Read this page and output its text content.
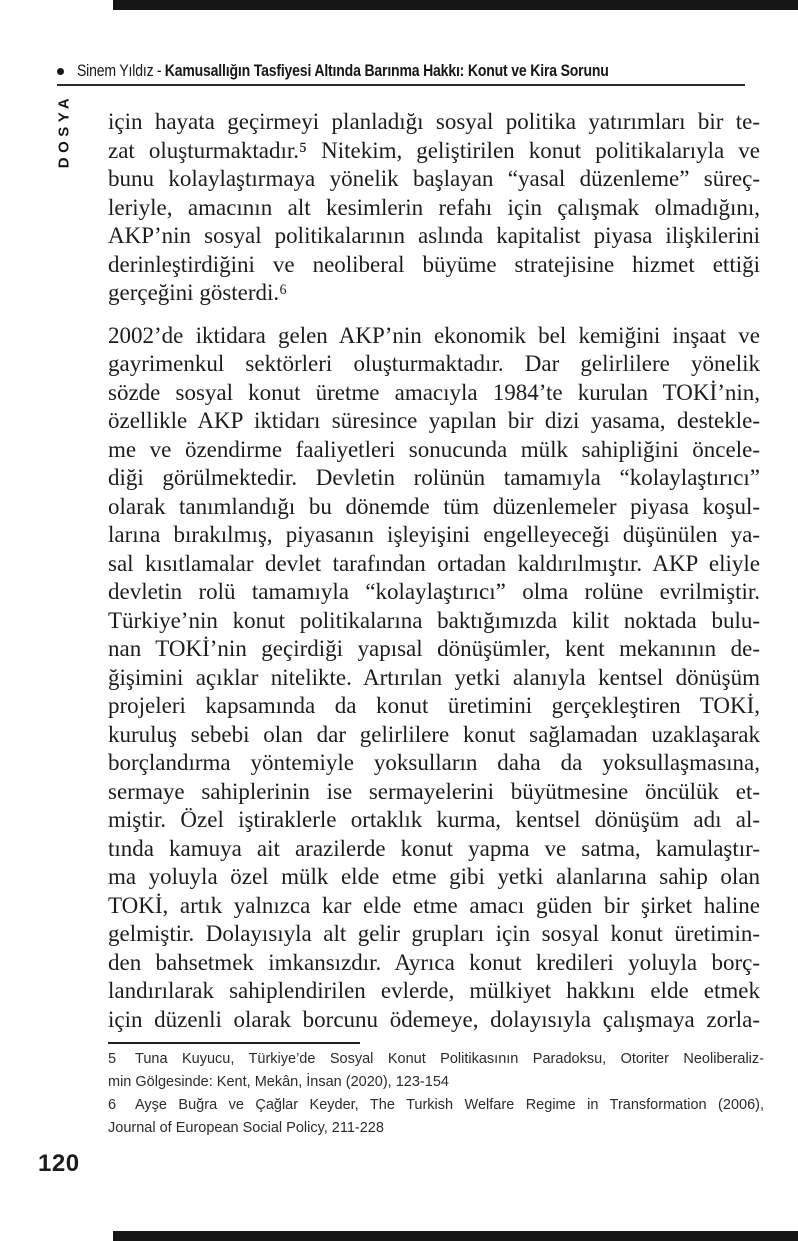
Sinem Yıldız - Kamusallığın Tasfiyesi Altında Barınma Hakkı: Konut ve Kira Sorunu
DOSYA için hayata geçirmeyi planladığı sosyal politika yatırımları bir te-
zat oluşturmaktadır.⁵ Nitekim, geliştirilen konut politikalarıyla ve
bunu kolaylaştırmaya yönelik başlayan “yasal düzenleme” süreç-
leriyle, amacının alt kesimlerin refahı için çalışmak olmadığını,
AKP’nin sosyal politikalarının aslında kapitalist piyasa ilişkilerini
derinleştirdiğini ve neoliberal büyüme stratejisine hizmet ettiği
gerçeğini gösterdi.⁶
2002’de iktidara gelen AKP’nin ekonomik bel kemiğini inşaat ve
gayrimenkul sektörleri oluşturmaktadır. Dar gelirlilere yönelik
sözde sosyal konut üretme amacıyla 1984’te kurulan TOKİ’nin,
özellikle AKP iktidarı süresince yapılan bir dizi yasama, destekle-
me ve özendirme faaliyetleri sonucunda mülk sahipliğini öncele-
diği görülmektedir. Devletin rolünün tamamıyla “kolaylaştırıcı”
olarak tanımlandığı bu dönemde tüm düzenlemeler piyasa koşul-
larına bırakılmış, piyasanın işleyişini engelleyeceği düşünülen ya-
sal kısıtlamalar devlet tarafından ortadan kaldırılmıştır. AKP eliyle
devletin rolü tamamıyla “kolaylaştırıcı” olma rolüne evrilmiştir.
Türkiye’nin konut politikalarına baktığımızda kilit noktada bulu-
nan TOKİ’nin geçirdiği yapısal dönüşümler, kent mekanının de-
ğişimini açıklar nitelikte. Artırılan yetki alanıyla kentsel dönüşüm
projeleri kapsamında da konut üretimini gerçekleştiren TOKİ,
kuruluş sebebi olan dar gelirlilere konut sağlamadan uzaklaşarak
borçlandırma yöntemiyle yoksulların daha da yoksullaşmasına,
sermaye sahiplerinin ise sermayelerini büyütmesine öncülük et-
miştir. Özel iştiraklerle ortaklık kurma, kentsel dönüşüm adı al-
tında kamuya ait arazilerde konut yapma ve satma, kamulaştır-
ma yoluyla özel mülk elde etme gibi yetki alanlarına sahip olan
TOKİ, artık yalnızca kar elde etme amacı güden bir şirket haline
gelmiştir. Dolayısıyla alt gelir grupları için sosyal konut üretimin-
den bahsetmek imkansızdır. Ayrıca konut kredileri yoluyla borç-
landırılarak sahiplendirilen evlerde, mülkiyet hakkını elde etmek
için düzenli olarak borcunu ödemeye, dolayısıyla çalışmaya zorla-
5	Tuna Kuyucu, Türkiye’de Sosyal Konut Politikasının Paradoksu, Otoriter Neoliberaliz-
min Gölgesinde: Kent, Mekân, İnsan (2020), 123-154
6	Ayşe Buğra ve Çağlar Keyder, The Turkish Welfare Regime in Transformation (2006),
Journal of European Social Policy, 211-228
120
